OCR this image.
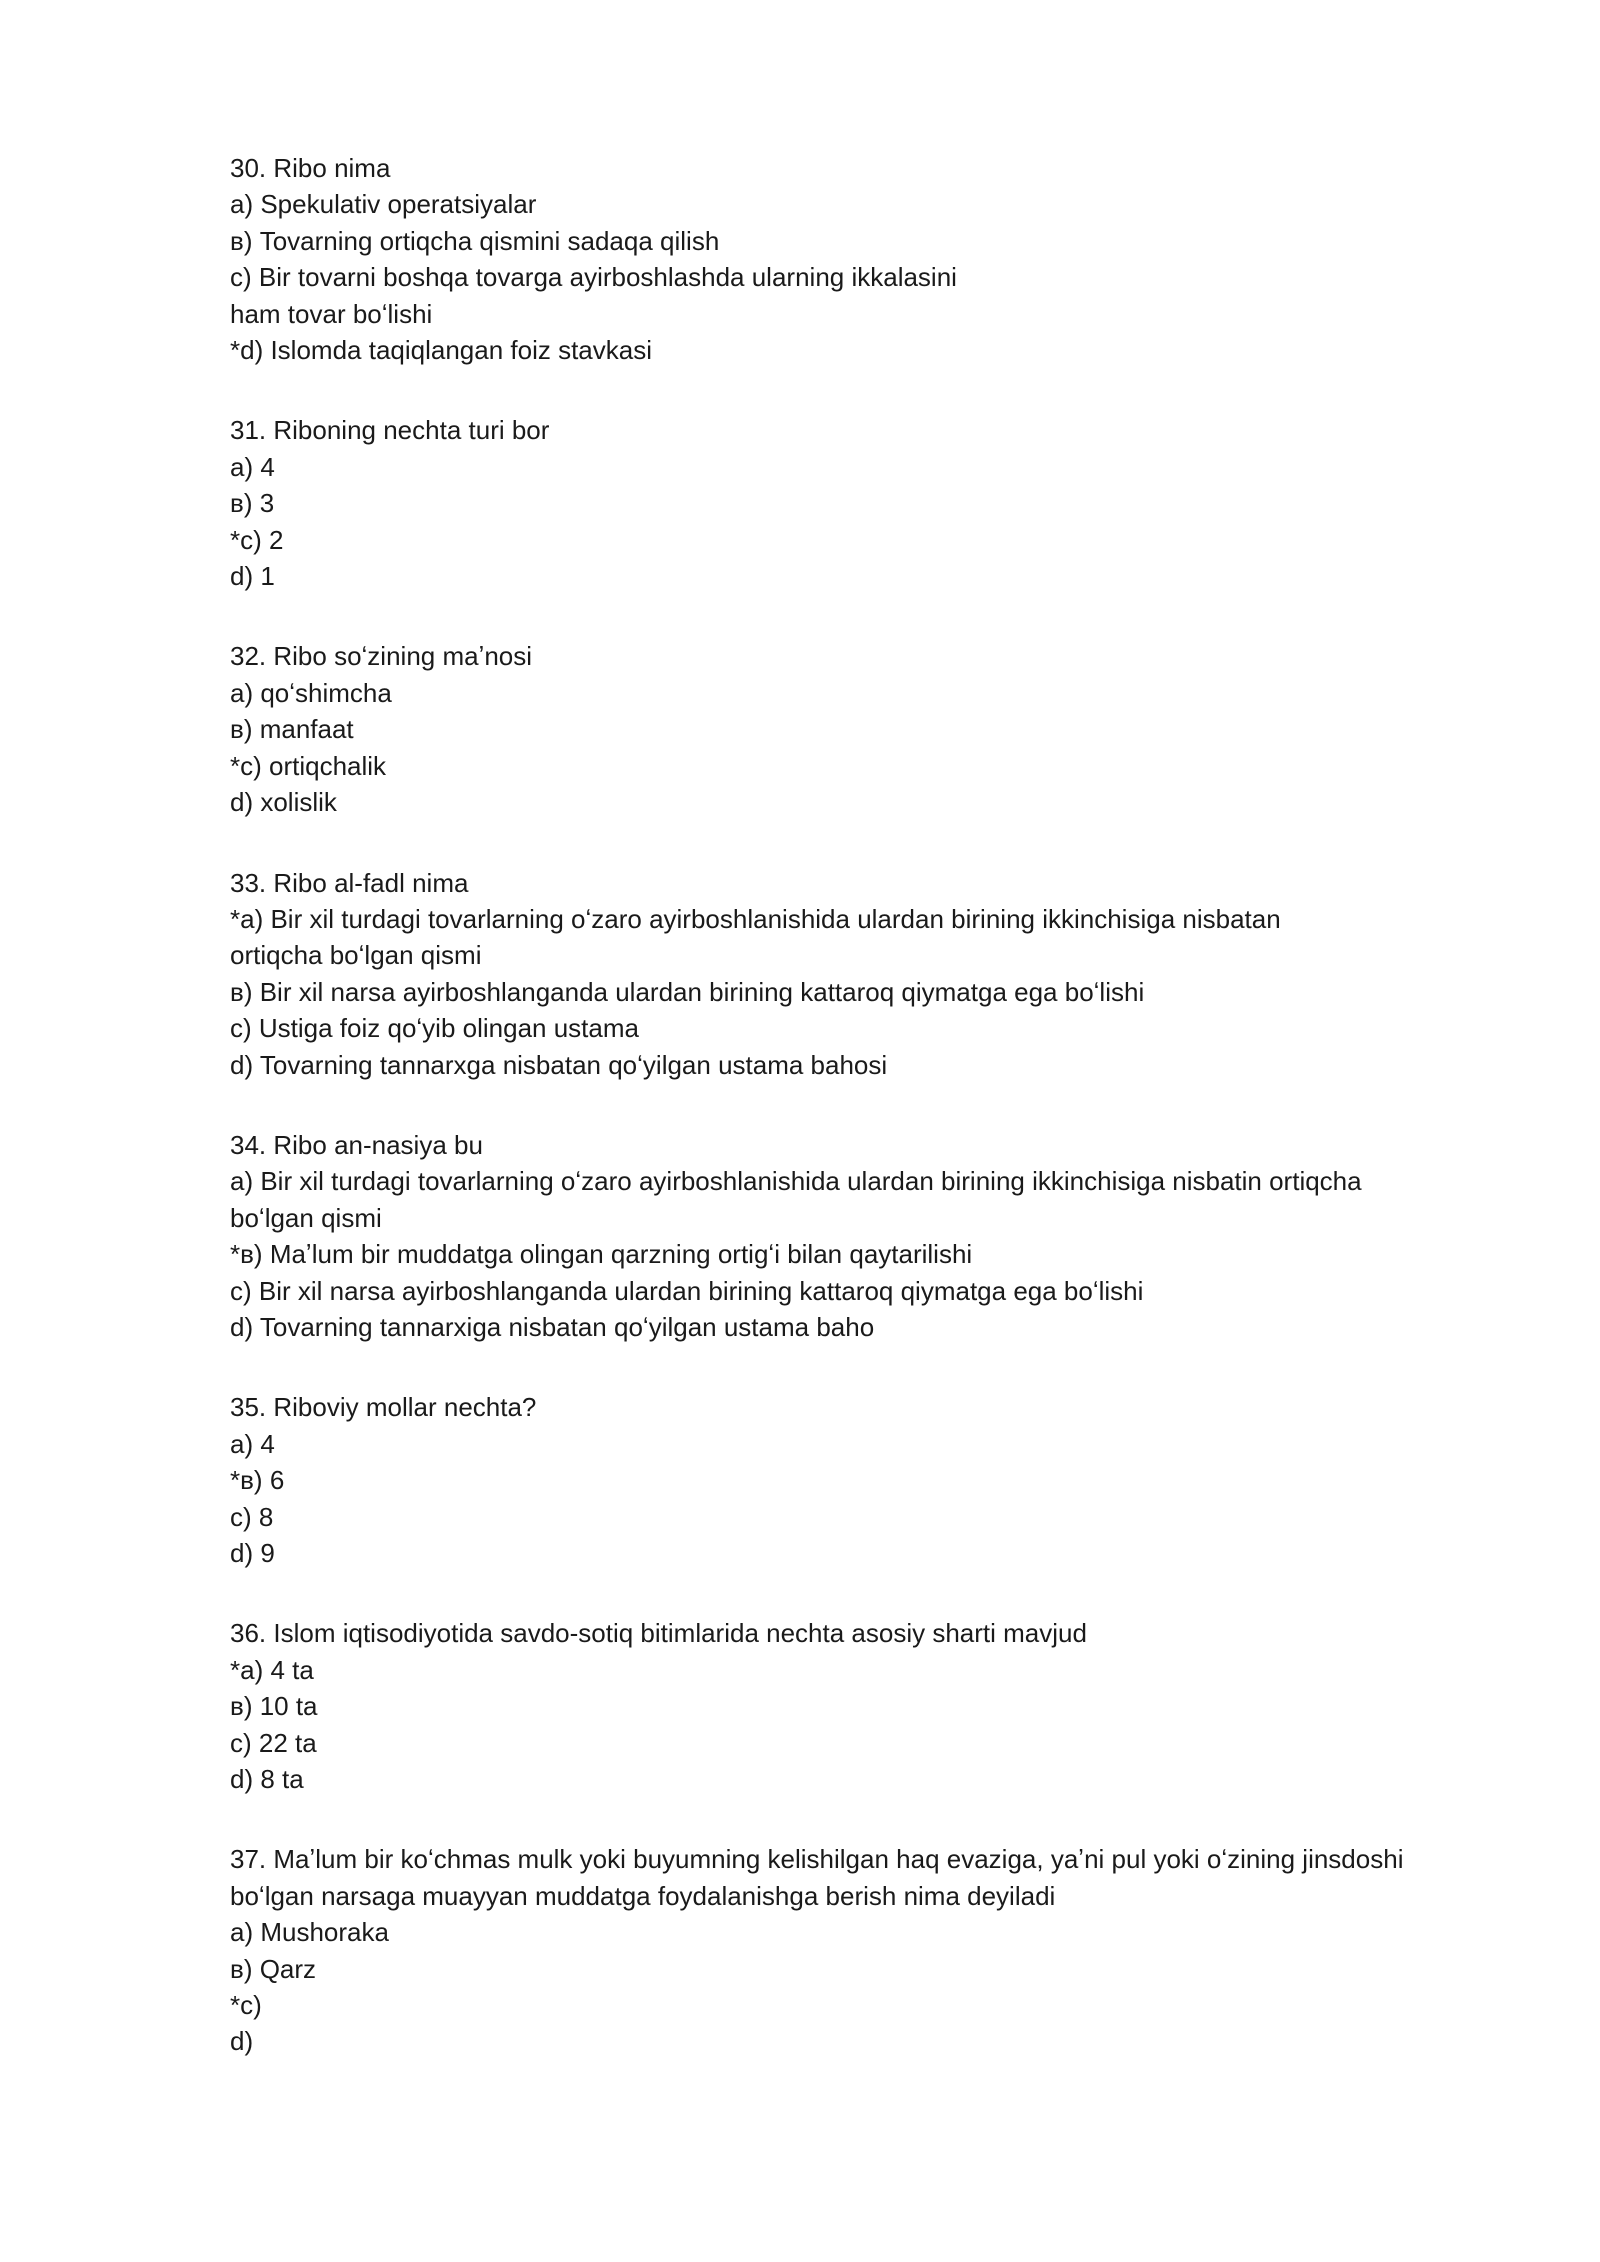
30. Ribo nima
a) Spekulativ operatsiyalar
в) Tovarning ortiqcha qismini sadaqa qilish
c) Bir tovarni boshqa tovarga ayirboshlashda ularning ikkalasini
ham tovar boʻlishi
*d) Islomda taqiqlangan foiz stavkasi
31. Riboning nechta turi bor
a) 4
в) 3
*c) 2
d) 1
32. Ribo soʻzining maʼnosi
a) qoʻshimcha
в) manfaat
*c) ortiqchalik
d) xolislik
33. Ribo al-fadl nima
*a) Bir xil turdagi tovarlarning oʻzaro ayirboshlanishida ulardan birining ikkinchisiga nisbatan
ortiqcha boʻlgan qismi
в) Bir xil narsa ayirboshlanganda ulardan birining kattaroq qiymatga ega boʻlishi
c) Ustiga foiz qoʻyib olingan ustama
d) Tovarning tannarxga nisbatan qoʻyilgan ustama bahosi
34. Ribo an-nasiya bu
a) Bir xil turdagi tovarlarning oʻzaro ayirboshlanishida ulardan birining ikkinchisiga nisbatin ortiqcha
boʻlgan qismi
*в) Maʼlum bir muddatga olingan qarzning ortigʻi bilan qaytarilishi
c) Bir xil narsa ayirboshlanganda ulardan birining kattaroq qiymatga ega boʻlishi
d) Tovarning tannarxiga nisbatan qoʻyilgan ustama baho
35. Riboviy mollar nechta?
a) 4
*в) 6
c) 8
d) 9
36. Islom iqtisodiyotida savdo-sotiq bitimlarida nechta asosiy sharti mavjud
*a) 4 ta
в) 10 ta
c) 22 ta
d) 8 ta
37. Maʼlum bir koʻchmas mulk yoki buyumning kelishilgan haq evaziga, yaʼni pul yoki oʻzining jinsdoshi
boʻlgan narsaga muayyan muddatga foydalanishga berish nima deyiladi
a) Mushoraka
в) Qarz
*c)
d)
